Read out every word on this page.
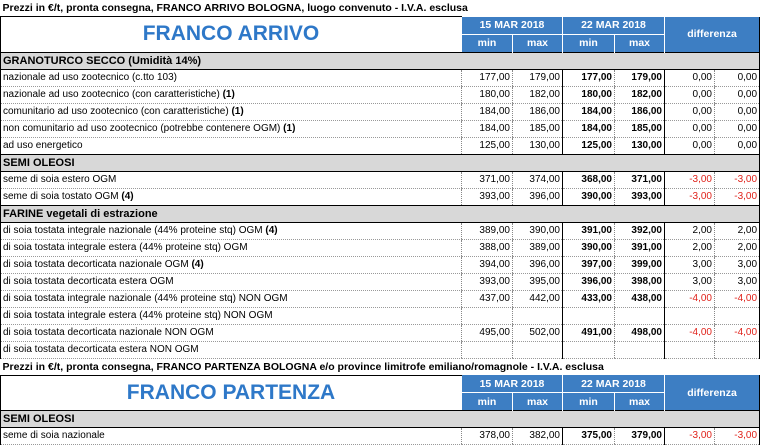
Prezzi in €/t, pronta consegna, FRANCO ARRIVO BOLOGNA, luogo convenuto - I.V.A. esclusa						
FRANCO ARRIVO	15 MAR 2018		22 MAR 2018		differenza	
	min	max	min	max		
GRANOTURCO SECCO (Umidità 14%)						
nazionale ad uso zootecnico (c.tto 103)	177,00	179,00	177,00	179,00	0,00	0,00
nazionale ad uso zootecnico (con caratteristiche) (1)	180,00	182,00	180,00	182,00	0,00	0,00
comunitario ad uso zootecnico (con caratteristiche) (1)	184,00	186,00	184,00	186,00	0,00	0,00
non comunitario ad uso zootecnico (potrebbe contenere OGM) (1)	184,00	185,00	184,00	185,00	0,00	0,00
ad uso energetico	125,00	130,00	125,00	130,00	0,00	0,00
SEMI OLEOSI						
seme di soia estero OGM	371,00	374,00	368,00	371,00	-3,00	-3,00
seme di soia tostato OGM (4)	393,00	396,00	390,00	393,00	-3,00	-3,00
FARINE vegetali di estrazione						
di soia tostata integrale nazionale (44% proteine stq) OGM (4)	389,00	390,00	391,00	392,00	2,00	2,00
di soia tostata integrale estera (44% proteine stq) OGM	388,00	389,00	390,00	391,00	2,00	2,00
di soia tostata decorticata nazionale OGM (4)	394,00	396,00	397,00	399,00	3,00	3,00
di soia tostata decorticata estera OGM	393,00	395,00	396,00	398,00	3,00	3,00
di soia tostata integrale nazionale (44% proteine stq) NON OGM	437,00	442,00	433,00	438,00	-4,00	-4,00
di soia tostata integrale estera (44% proteine stq) NON OGM						
di soia tostata decorticata nazionale NON OGM	495,00	502,00	491,00	498,00	-4,00	-4,00
di soia tostata decorticata estera NON OGM						
Prezzi in €/t, pronta consegna, FRANCO PARTENZA BOLOGNA e/o province limitrofe emiliano/romagnole - I.V.A. esclusa						
FRANCO PARTENZA	15 MAR 2018		22 MAR 2018		differenza	
	min	max	min	max		
SEMI OLEOSI						
seme di soia nazionale	378,00	382,00	375,00	379,00	-3,00	-3,00
